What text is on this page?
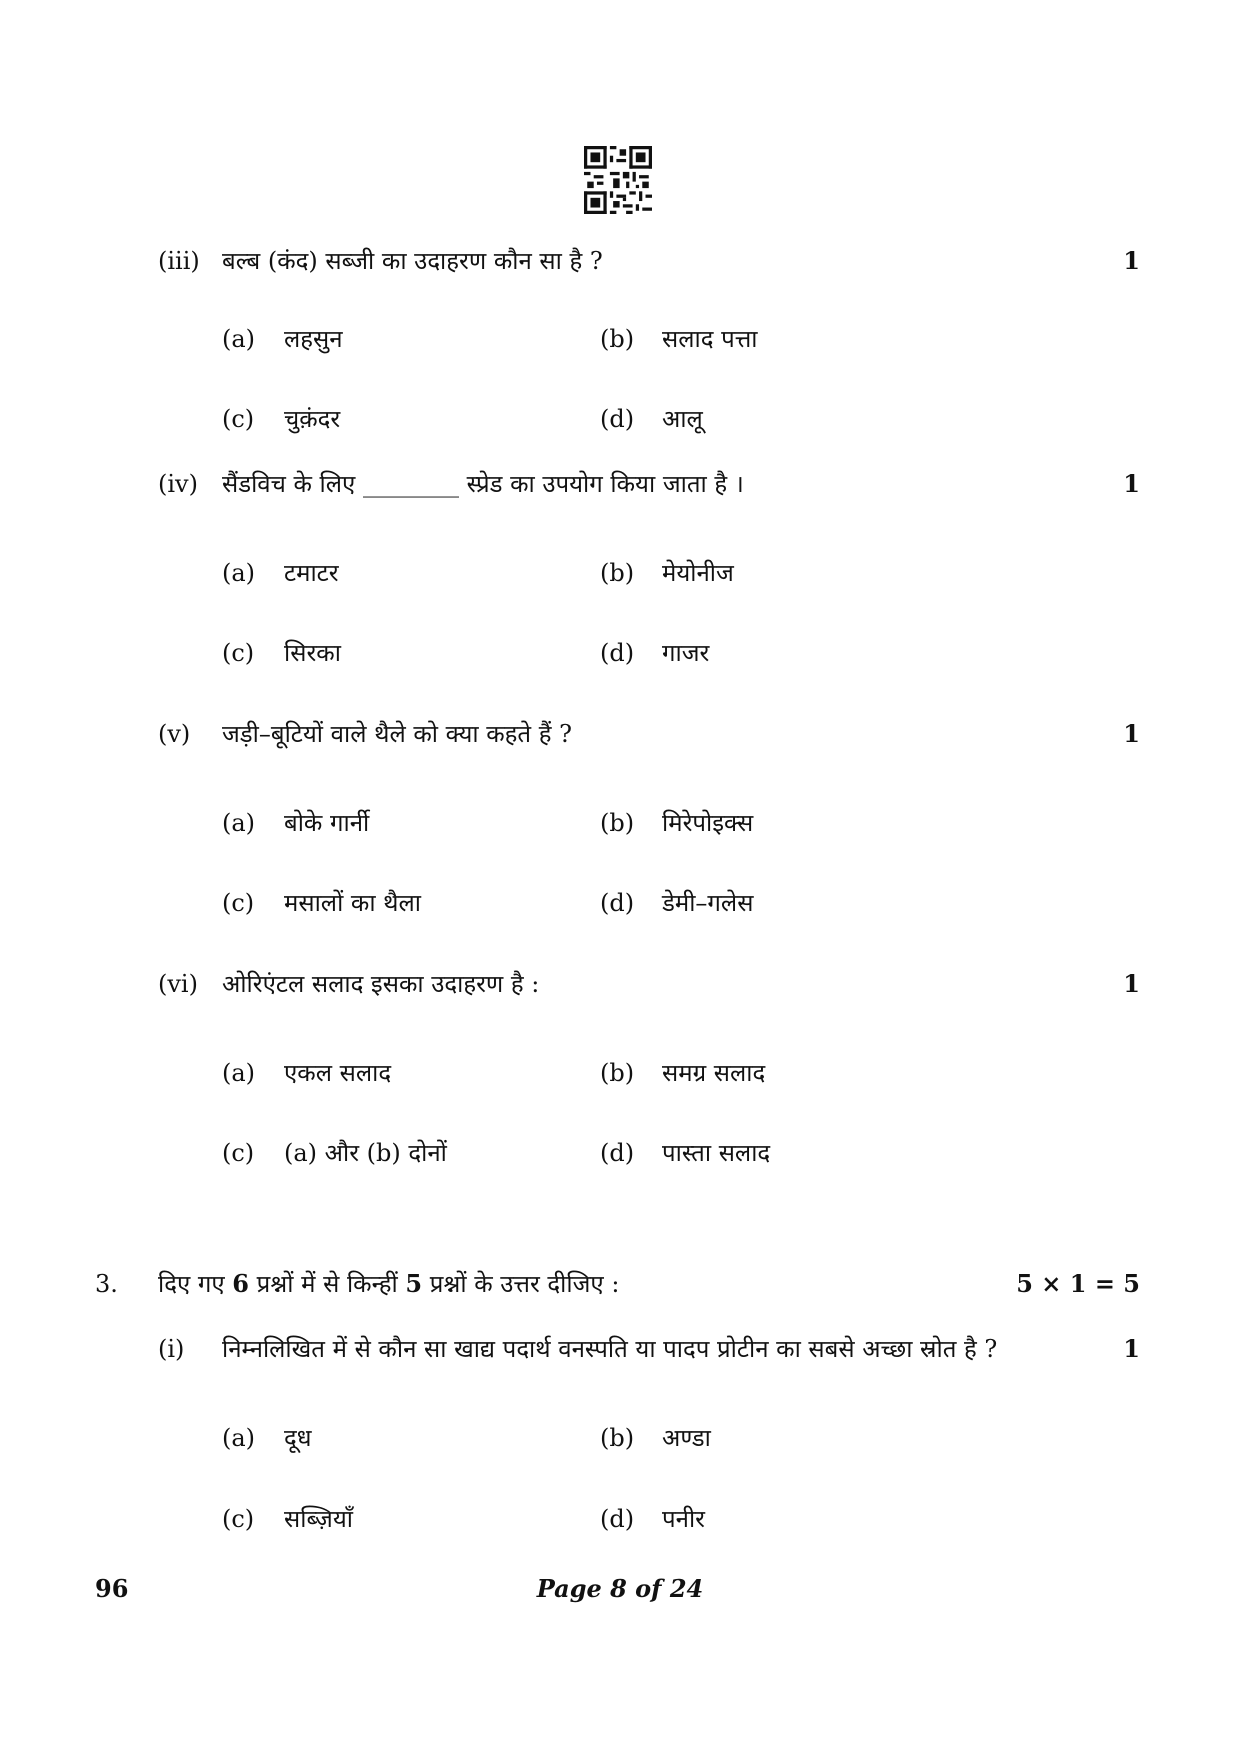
(iii) बल्ब (कंद) सब्जी का उदाहरण कौन सा है ?	1
(a) लहसुन	(b) सलाद पत्ता
(c) चुक़ंदर	(d) आलू
(iv) सैंडविच के लिए ________ स्प्रेड का उपयोग किया जाता है ।	1
(a) टमाटर	(b) मेयोनीज
(c) सिरका	(d) गाजर
(v) जड़ी–बूटियों वाले थैले को क्या कहते हैं ?	1
(a) बोके गार्नी	(b) मिरेपोइक्स
(c) मसालों का थैला	(d) डेमी–गलेस
(vi) ओरिएंटल सलाद इसका उदाहरण है :	1
(a) एकल सलाद	(b) समग्र सलाद
(c) (a) और (b) दोनों	(d) पास्ता सलाद
3. दिए गए 6 प्रश्नों में से किन्हीं 5 प्रश्नों के उत्तर दीजिए :	5 × 1 = 5
(i) निम्नलिखित में से कौन सा खाद्य पदार्थ वनस्पति या पादप प्रोटीन का सबसे अच्छा स्रोत है ?	1
(a) दूध	(b) अण्डा
(c) सब्ज़ियाँ	(d) पनीर
96	Page 8 of 24
